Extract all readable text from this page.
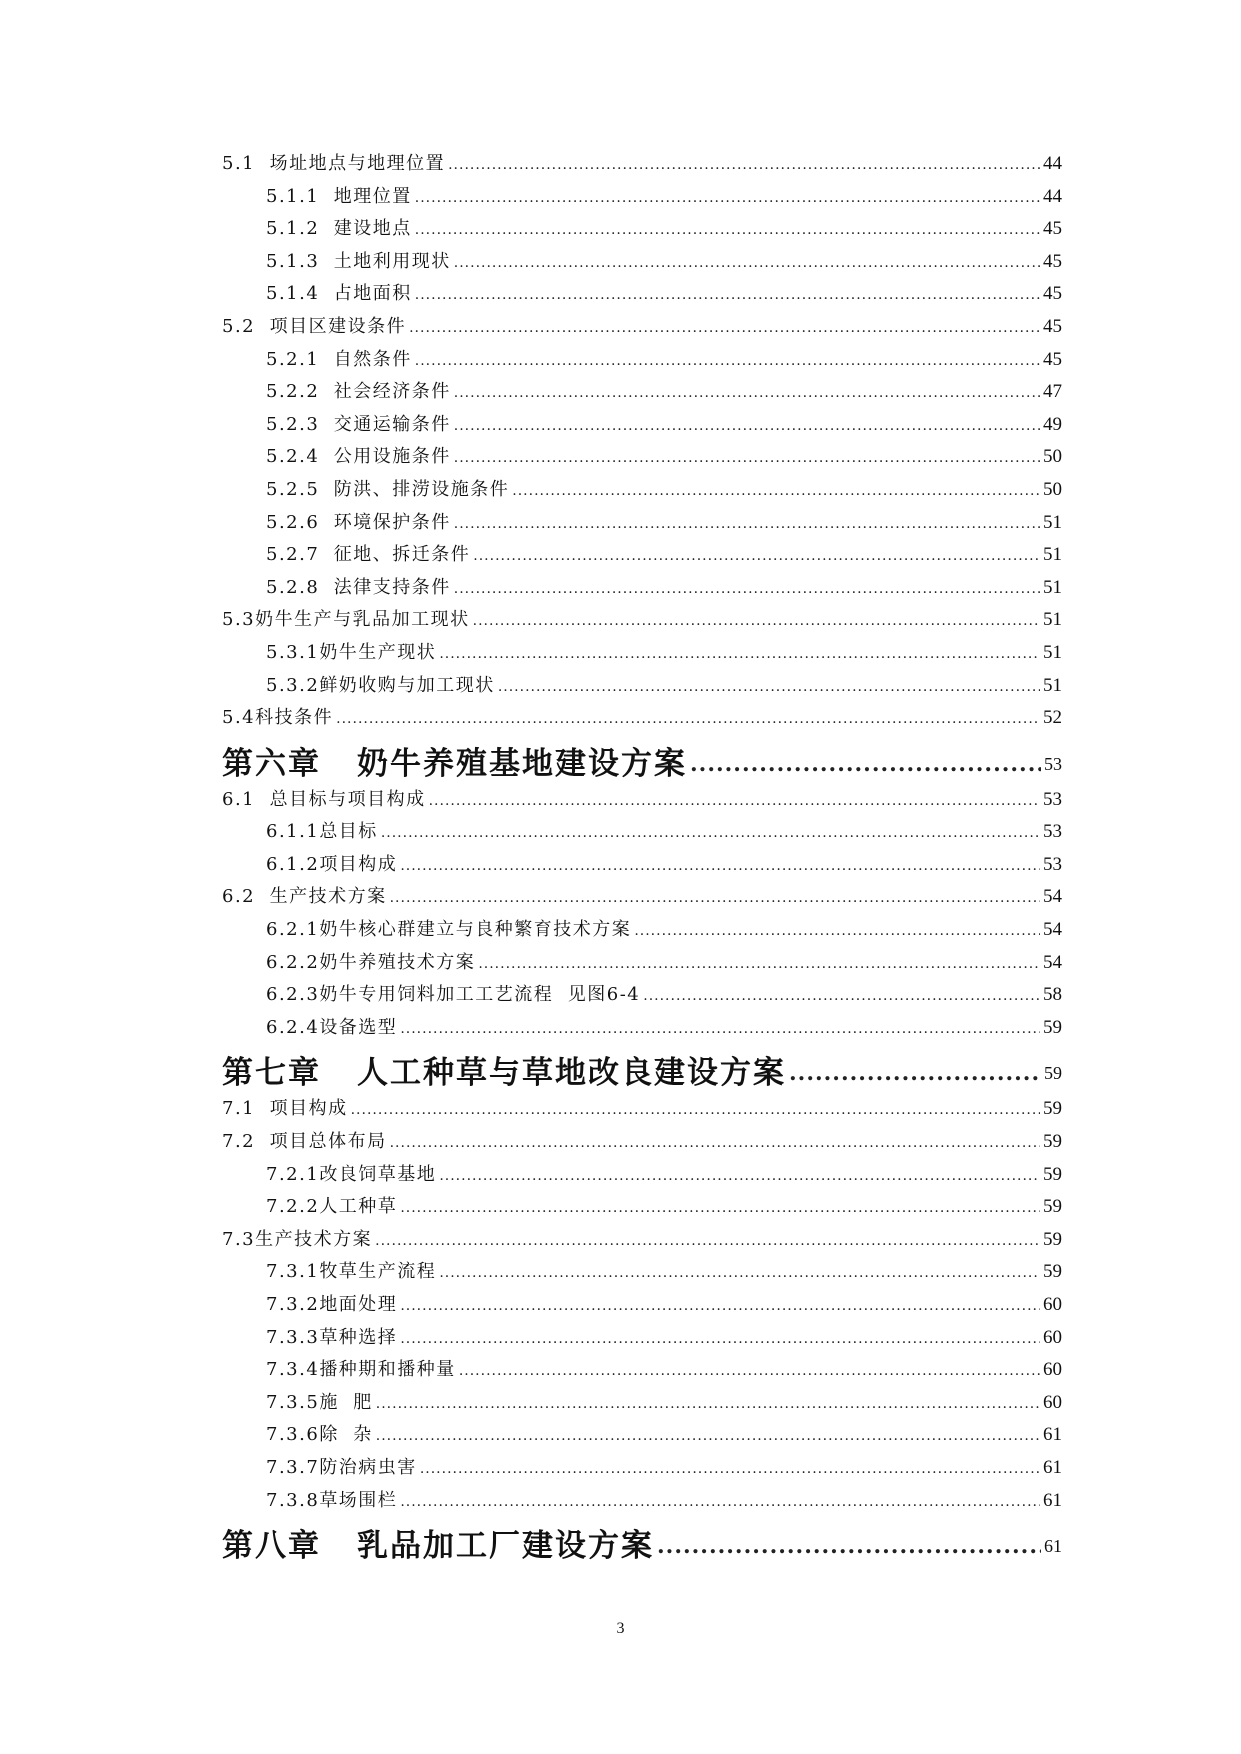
5.1 场址地点与地理位置 .....	44
5.1.1 地理位置 .....	44
5.1.2 建设地点 .....	45
5.1.3 土地利用现状 .....	45
5.1.4 占地面积 .....	45
5.2 项目区建设条件 .....	45
5.2.1 自然条件 .....	45
5.2.2 社会经济条件 .....	47
5.2.3 交通运输条件 .....	49
5.2.4 公用设施条件 .....	50
5.2.5 防洪、排涝设施条件 .....	50
5.2.6 环境保护条件 .....	51
5.2.7 征地、拆迁条件 .....	51
5.2.8 法律支持条件 .....	51
5.3 奶牛生产与乳品加工现状 .....	51
5.3.1 奶牛生产现状 .....	51
5.3.2 鲜奶收购与加工现状 .....	51
5.4 科技条件 .....	52
第六章 奶牛养殖基地建设方案 .....	53
6.1 总目标与项目构成 .....	53
6.1.1 总目标 .....	53
6.1.2 项目构成 .....	53
6.2 生产技术方案 .....	54
6.2.1 奶牛核心群建立与良种繁育技术方案 .....	54
6.2.2 奶牛养殖技术方案 .....	54
6.2.3 奶牛专用饲料加工工艺流程  见图6-4 .....	58
6.2.4 设备选型 .....	59
第七章 人工种草与草地改良建设方案 .....	59
7.1 项目构成 .....	59
7.2 项目总体布局 .....	59
7.2.1 改良饲草基地 .....	59
7.2.2 人工种草 .....	59
7.3 生产技术方案 .....	59
7.3.1 牧草生产流程 .....	59
7.3.2 地面处理 .....	60
7.3.3 草种选择 .....	60
7.3.4 播种期和播种量 .....	60
7.3.5 施  肥 .....	60
7.3.6 除  杂 .....	61
7.3.7 防治病虫害 .....	61
7.3.8 草场围栏 .....	61
第八章 乳品加工厂建设方案 .....	61
3
